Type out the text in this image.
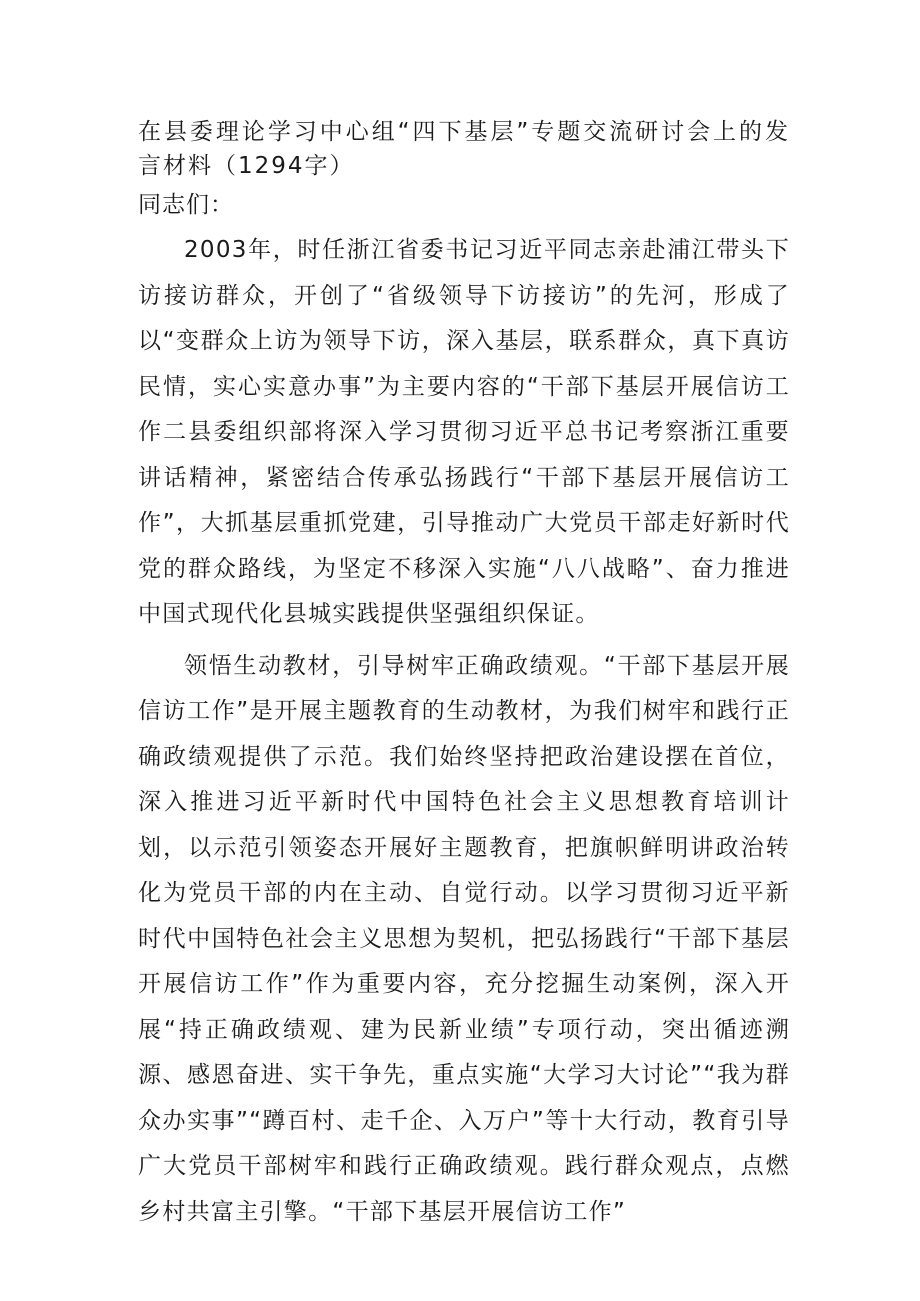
在县委理论学习中心组“四下基层”专题交流研讨会上的发言材料（1294字）

同志们：

2003年，时任浙江省委书记习近平同志亲赴浦江带头下访接访群众，开创了“省级领导下访接访”的先河，形成了以“变群众上访为领导下访，深入基层，联系群众，真下真访民情，实心实意办事”为主要内容的“干部下基层开展信访工作二县委组织部将深入学习贯彻习近平总书记考察浙江重要讲话精神，紧密结合传承弘扬践行“干部下基层开展信访工作”，大抓基层重抓党建，引导推动广大党员干部走好新时代党的群众路线，为坚定不移深入实施“八八战略”、奋力推进中国式现代化县城实践提供坚强组织保证。

领悟生动教材，引导树牢正确政绩观。“干部下基层开展信访工作”是开展主题教育的生动教材，为我们树牢和践行正确政绩观提供了示范。我们始终坚持把政治建设摆在首位，深入推进习近平新时代中国特色社会主义思想教育培训计划，以示范引领姿态开展好主题教育，把旗帜鲜明讲政治转化为党员干部的内在主动、自觉行动。以学习贯彻习近平新时代中国特色社会主义思想为契机，把弘扬践行“干部下基层开展信访工作”作为重要内容，充分挖掘生动案例，深入开展“持正确政绩观、建为民新业绩”专项行动，突出循迹溯源、感恩奋进、实干争先，重点实施“大学习大讨论”“我为群众办实事”“蹲百村、走千企、入万户”等十大行动，教育引导广大党员干部树牢和践行正确政绩观。践行群众观点，点燃乡村共富主引擎。“干部下基层开展信访工作”
